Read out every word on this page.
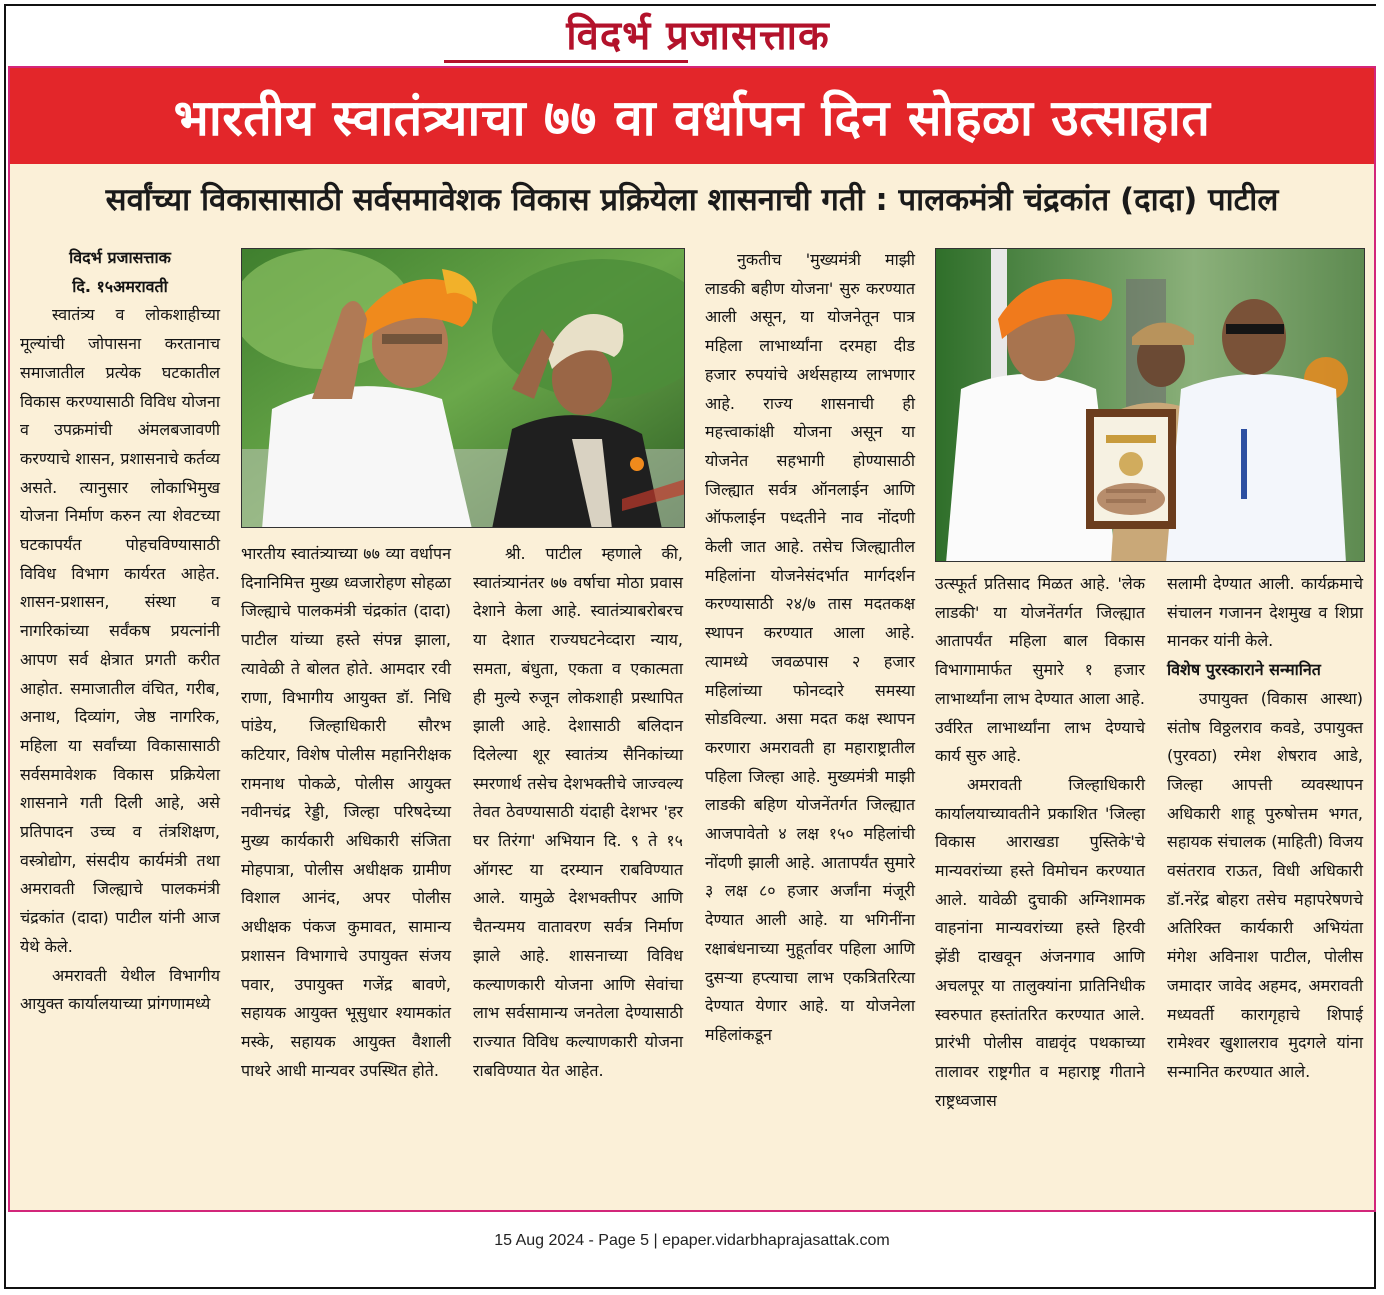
विदर्भ प्रजासत्ताक
भारतीय स्वातंत्र्याचा ७७ वा वर्धापन दिन सोहळा उत्साहात
सर्वांच्या विकासासाठी सर्वसमावेशक विकास प्रक्रियेला शासनाची गती : पालकमंत्री चंद्रकांत (दादा) पाटील

विदर्भ प्रजासत्ताक

दि. १५अमरावती

स्वातंत्र्य व लोकशाहीच्या मूल्यांची जोपासना करतानाच समाजातील प्रत्येक घटकातील विकास करण्यासाठी विविध योजना व उपक्रमांची अंमलबजावणी करण्याचे शासन, प्रशासनाचे कर्तव्य असते. त्यानुसार लोकाभिमुख योजना निर्माण करुन त्या शेवटच्या घटकापर्यंत पोहचविण्यासाठी विविध विभाग कार्यरत आहेत. शासन-प्रशासन, संस्था व नागरिकांच्या सर्वंकष प्रयत्नांनी आपण सर्व क्षेत्रात प्रगती करीत आहोत. समाजातील वंचित, गरीब, अनाथ, दिव्यांग, जेष्ठ नागरिक, महिला या सर्वांच्या विकासासाठी सर्वसमावेशक विकास प्रक्रियेला शासनाने गती दिली आहे, असे प्रतिपादन उच्च व तंत्रशिक्षण, वस्त्रोद्योग, संसदीय कार्यमंत्री तथा अमरावती जिल्ह्याचे पालकमंत्री चंद्रकांत (दादा) पाटील यांनी आज येथे केले.

अमरावती येथील विभागीय आयुक्त कार्यालयाच्या प्रांगणामध्ये

भारतीय स्वातंत्र्याच्या ७७ व्या वर्धापन दिनानिमित्त मुख्य ध्वजारोहण सोहळा जिल्ह्याचे पालकमंत्री चंद्रकांत (दादा) पाटील यांच्या हस्ते संपन्न झाला, त्यावेळी ते बोलत होते. आमदार रवी राणा, विभागीय आयुक्त डॉ. निधि पांडेय, जिल्हाधिकारी सौरभ कटियार, विशेष पोलीस महानिरीक्षक रामनाथ पोकळे, पोलीस आयुक्त नवीनचंद्र रेड्डी, जिल्हा परिषदेच्या मुख्य कार्यकारी अधिकारी संजिता मोहपात्रा, पोलीस अधीक्षक ग्रामीण विशाल आनंद, अपर पोलीस अधीक्षक पंकज कुमावत, सामान्य प्रशासन विभागाचे उपायुक्त संजय पवार, उपायुक्त गजेंद्र बावणे, सहायक आयुक्त भूसुधार श्यामकांत मस्के, सहायक आयुक्त वैशाली पाथरे आधी मान्यवर उपस्थित होते.

श्री. पाटील म्हणाले की, स्वातंत्र्यानंतर ७७ वर्षाचा मोठा प्रवास देशाने केला आहे. स्वातंत्र्याबरोबरच या देशात राज्यघटनेव्दारा न्याय, समता, बंधुता, एकता व एकात्मता ही मुल्ये रुजून लोकशाही प्रस्थापित झाली आहे. देशासाठी बलिदान दिलेल्या शूर स्वातंत्र्य सैनिकांच्या स्मरणार्थ तसेच देशभक्तीचे जाज्वल्य तेवत ठेवण्यासाठी यंदाही देशभर 'हर घर तिरंगा' अभियान दि. ९ ते १५ ऑगस्ट या दरम्यान राबविण्यात आले. यामुळे देशभक्तीपर आणि चैतन्यमय वातावरण सर्वत्र निर्माण झाले आहे. शासनाच्या विविध कल्याणकारी योजना आणि सेवांचा लाभ सर्वसामान्य जनतेला देण्यासाठी राज्यात विविध कल्याणकारी योजना राबविण्यात येत आहेत.

नुकतीच 'मुख्यमंत्री माझी लाडकी बहीण योजना' सुरु करण्यात आली असून, या योजनेतून पात्र महिला लाभार्थ्यांना दरमहा दीड हजार रुपयांचे अर्थसहाय्य लाभणार आहे. राज्य शासनाची ही महत्त्वाकांक्षी योजना असून या योजनेत सहभागी होण्यासाठी जिल्ह्यात सर्वत्र ऑनलाईन आणि ऑफलाईन पध्दतीने नाव नोंदणी केली जात आहे. तसेच जिल्ह्यातील महिलांना योजनेसंदर्भात मार्गदर्शन करण्यासाठी २४/७ तास मदतकक्ष स्थापन करण्यात आला आहे. त्यामध्ये जवळपास २ हजार महिलांच्या फोनव्दारे समस्या सोडविल्या. असा मदत कक्ष स्थापन करणारा अमरावती हा महाराष्ट्रातील पहिला जिल्हा आहे. मुख्यमंत्री माझी लाडकी बहिण योजनेंतर्गत जिल्ह्यात आजपावेतो ४ लक्ष १५० महिलांची नोंदणी झाली आहे. आतापर्यंत सुमारे ३ लक्ष ८० हजार अर्जांना मंजूरी देण्यात आली आहे. या भगिनींना रक्षाबंधनाच्या मुहूर्तावर पहिला आणि दुसऱ्या हप्त्याचा लाभ एकत्रितरित्या देण्यात येणार आहे. या योजनेला महिलांकडून

उत्स्फूर्त प्रतिसाद मिळत आहे. 'लेक लाडकी' या योजनेंतर्गत जिल्ह्यात आतापर्यंत महिला बाल विकास विभागामार्फत सुमारे १ हजार लाभार्थ्यांना लाभ देण्यात आला आहे. उर्वरित लाभार्थ्यांना लाभ देण्याचे कार्य सुरु आहे.

अमरावती जिल्हाधिकारी कार्यालयाच्यावतीने प्रकाशित 'जिल्हा विकास आराखडा पुस्तिके'चे मान्यवरांच्या हस्ते विमोचन करण्यात आले. यावेळी दुचाकी अग्निशामक वाहनांना मान्यवरांच्या हस्ते हिरवी झेंडी दाखवून अंजनगाव आणि अचलपूर या तालुक्यांना प्रातिनिधीक स्वरुपात हस्तांतरित करण्यात आले. प्रारंभी पोलीस वाद्यवृंद पथकाच्या तालावर राष्ट्रगीत व महाराष्ट्र गीताने राष्ट्रध्वजास

सलामी देण्यात आली. कार्यक्रमाचे संचालन गजानन देशमुख व शिप्रा मानकर यांनी केले.

विशेष पुरस्काराने सन्मानित

उपायुक्त (विकास आस्था) संतोष विठ्ठलराव कवडे, उपायुक्त (पुरवठा) रमेश शेषराव आडे, जिल्हा आपत्ती व्यवस्थापन अधिकारी शाहू पुरुषोत्तम भगत, सहायक संचालक (माहिती) विजय वसंतराव राऊत, विधी अधिकारी डॉ.नरेंद्र बोहरा तसेच महापरेषणचे अतिरिक्त कार्यकारी अभियंता मंगेश अविनाश पाटील, पोलीस जमादार जावेद अहमद, अमरावती मध्यवर्ती कारागृहाचे शिपाई रामेश्वर खुशालराव मुदगले यांना सन्मानित करण्यात आले.

15 Aug 2024 - Page 5 | epaper.vidarbhaprajasattak.com
